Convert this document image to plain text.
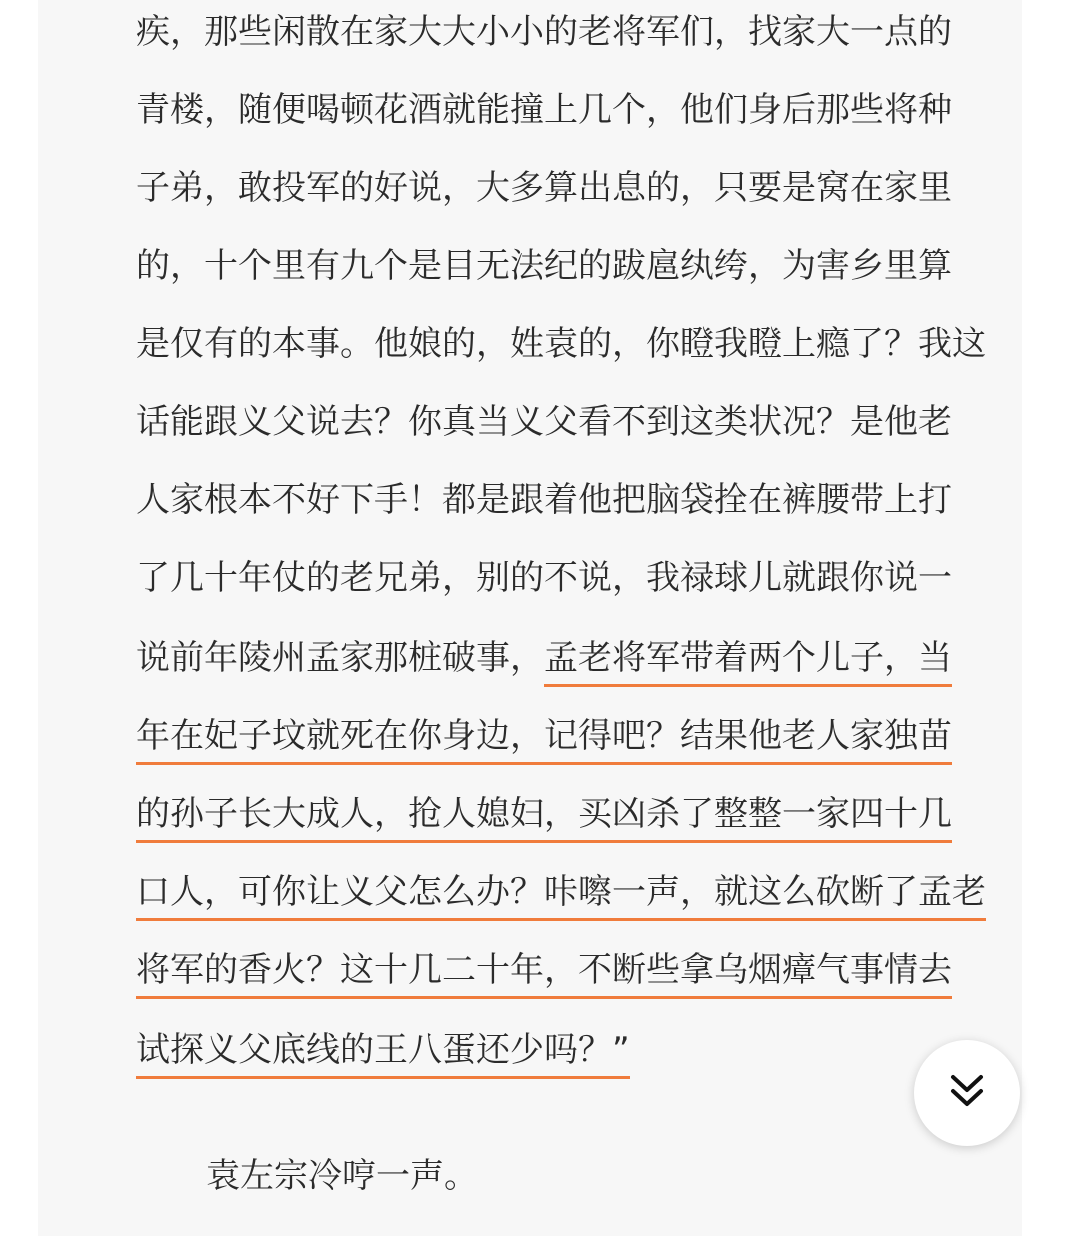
疾，那些闲散在家大大小小的老将军们，找家大一点的
青楼，随便喝顿花酒就能撞上几个，他们身后那些将种
子弟，敢投军的好说，大多算出息的，只要是窝在家里
的，十个里有九个是目无法纪的跋扈纨绔，为害乡里算
是仅有的本事。他娘的，姓袁的，你瞪我瞪上瘾了？我这
话能跟义父说去？你真当义父看不到这类状况？是他老
人家根本不好下手！都是跟着他把脑袋拴在裤腰带上打
了几十年仗的老兄弟，别的不说，我禄球儿就跟你说一
说前年陵州孟家那桩破事，孟老将军带着两个儿子，当
年在妃子坟就死在你身边，记得吧？结果他老人家独苗
的孙子长大成人，抢人媳妇，买凶杀了整整一家四十几
口人，可你让义父怎么办？咔嚓一声，就这么砍断了孟老
将军的香火？这十几二十年，不断些拿乌烟瘴气事情去
试探义父底线的王八蛋还少吗？”
袁左宗冷哼一声。
